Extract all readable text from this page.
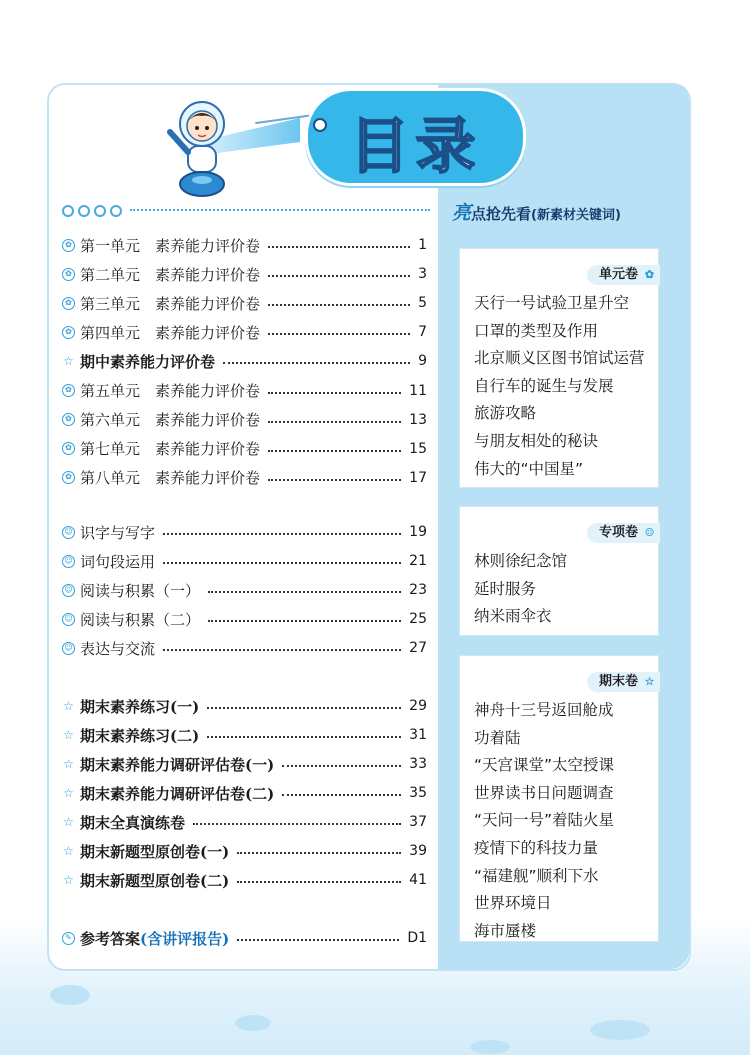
目录
亮点抢先看(新素材关键词)
✿ 第一单元　素养能力评价卷	1
✿ 第二单元　素养能力评价卷	3
✿ 第三单元　素养能力评价卷	5
✿ 第四单元　素养能力评价卷	7
☆ 期中素养能力评价卷	9
✿ 第五单元　素养能力评价卷	11
✿ 第六单元　素养能力评价卷	13
✿ 第七单元　素养能力评价卷	15
✿ 第八单元　素养能力评价卷	17
☺ 识字与写字	19
☺ 词句段运用	21
☺ 阅读与积累（一）	23
☺ 阅读与积累（二）	25
☺ 表达与交流	27
☆ 期末素养练习(一)	29
☆ 期末素养练习(二)	31
☆ 期末素养能力调研评估卷(一)	33
☆ 期末素养能力调研评估卷(二)	35
☆ 期末全真演练卷	37
☆ 期末新题型原创卷(一)	39
☆ 期末新题型原创卷(二)	41
✎ 参考答案(含讲评报告)	D1
单元卷 ✿
天行一号试验卫星升空
口罩的类型及作用
北京顺义区图书馆试运营
自行车的诞生与发展
旅游攻略
与朋友相处的秘诀
伟大的“中国星”
专项卷 ☺
林则徐纪念馆
延时服务
纳米雨伞衣
期末卷 ☆
神舟十三号返回舱成
功着陆
“天宫课堂”太空授课
世界读书日问题调查
“天问一号”着陆火星
疫情下的科技力量
“福建舰”顺利下水
世界环境日
海市蜃楼
